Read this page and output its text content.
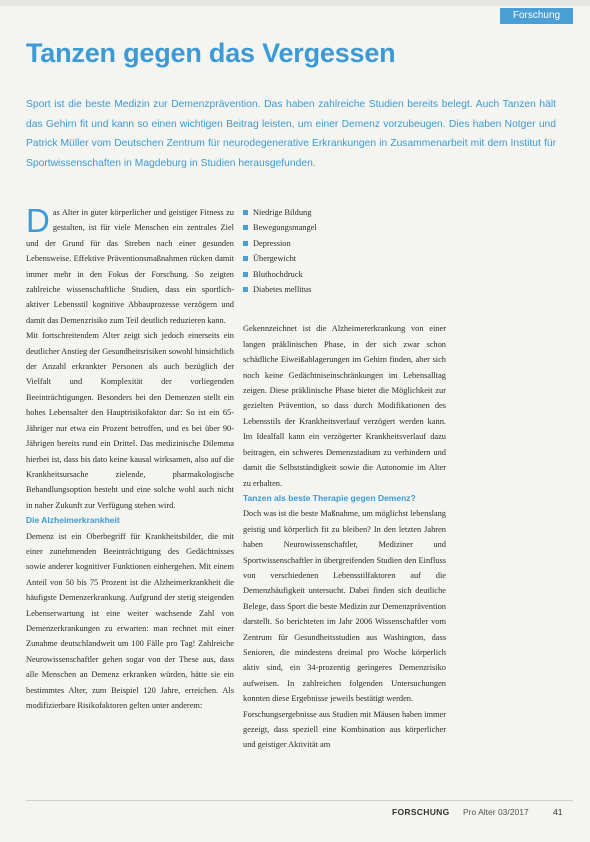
Forschung
Tanzen gegen das Vergessen

Sport ist die beste Medizin zur Demenzprävention. Das haben zahlreiche Studien bereits belegt. Auch Tanzen hält das Gehirn fit und kann so einen wichtigen Beitrag leisten, um einer Demenz vorzubeugen. Dies haben Notger und Patrick Müller vom Deutschen Zentrum für neurodegenerative Erkrankungen in Zusammenarbeit mit dem Institut für Sportwissenschaften in Magdeburg in Studien herausgefunden.

Das Alter in guter körperlicher und geistiger Fitness zu gestalten, ist für viele Menschen ein zentrales Ziel und der Grund für das Streben nach einer gesunden Lebensweise. Effektive Präventionsmaßnahmen rücken damit immer mehr in den Fokus der Forschung. So zeigten zahlreiche wissenschaftliche Studien, dass ein sportlich-aktiver Lebensstil kognitive Abbauprozesse verzögern und damit das Demenzrisiko zum Teil deutlich reduzieren kann.

Mit fortschreitendem Alter zeigt sich jedoch einerseits ein deutlicher Anstieg der Gesundheitsrisiken sowohl hinsichtlich der Anzahl erkrankter Personen als auch bezüglich der Vielfalt und Komplexität der vorliegenden Beeinträchtigungen. Besonders bei den Demenzen stellt ein hohes Lebensalter den Hauptrisikofaktor dar: So ist ein 65-Jähriger nur etwa ein Prozent betroffen, und es bei über 90-Jährigen bereits rund ein Drittel. Das medizinische Dilemma hierbei ist, dass bis dato keine kausal wirksamen, also auf die Krankheitsursache zielende, pharmakologische Behandlungsoption besteht und eine solche wohl auch nicht in naher Zukunft zur Verfügung stehen wird.

Die Alzheimerkrankheit

Demenz ist ein Oberbegriff für Krankheitsbilder, die mit einer zunehmenden Beeinträchtigung des Gedächtnisses sowie anderer kognitiver Funktionen einhergehen. Mit einem Anteil von 50 bis 75 Prozent ist die Alzheimerkrankheit die häufigste Demenzerkrankung. Aufgrund der stetig steigenden Lebenserwartung ist eine weiter wachsende Zahl von Demenzerkrankungen zu erwarten: man rechnet mit einer Zunahme deutschlandweit um 100 Fälle pro Tag! Zahlreiche Neurowissenschaftler gehen sogar von der These aus, dass alle Menschen an Demenz erkranken würden, hätte sie ein bestimmtes Alter, zum Beispiel 120 Jahre, erreichen. Als modifizierbare Risikofaktoren gelten unter anderem:

Niedrige Bildung
Bewegungsmangel
Depression
Übergewicht
Bluthochdruck
Diabetes mellitus

Gekennzeichnet ist die Alzheimererkrankung von einer langen präklinischen Phase, in der sich zwar schon schädliche Eiweißablagerungen im Gehirn finden, aber sich noch keine Gedächtniseinschränkungen im Lebensalltag zeigen. Diese präklinische Phase bietet die Möglichkeit zur gezielten Prävention, so dass durch Modifikationen des Lebensstils der Krankheitsverlauf verzögert werden kann. Im Idealfall kann ein verzögerter Krankheitsverlauf dazu beitragen, ein schweres Demenzstadium zu verhindern und damit die Selbstständigkeit sowie die Autonomie im Alter zu erhalten.

Tanzen als beste Therapie gegen Demenz?

Doch was ist die beste Maßnahme, um möglichst lebenslang geistig und körperlich fit zu bleiben? In den letzten Jahren haben Neurowissenschaftler, Mediziner und Sportwissenschaftler in übergreifenden Studien den Einfluss von verschiedenen Lebensstilfaktoren auf die Demenzhäufigkeit untersucht. Dabei finden sich deutliche Belege, dass Sport die beste Medizin zur Demenzprävention darstellt. So berichteten im Jahr 2006 Wissenschaftler vom Zentrum für Gesundheitsstudien aus Washington, dass Senioren, die mindestens dreimal pro Woche körperlich aktiv sind, ein 34-prozentig geringeres Demenzrisiko aufweisen. In zahlreichen folgenden Untersuchungen konnten diese Ergebnisse jeweils bestätigt werden.

Forschungsergebnisse aus Studien mit Mäusen haben immer gezeigt, dass speziell eine Kombination aus körperlicher und geistiger Aktivität am

FORSCHUNG Pro Alter 03/2017	41
